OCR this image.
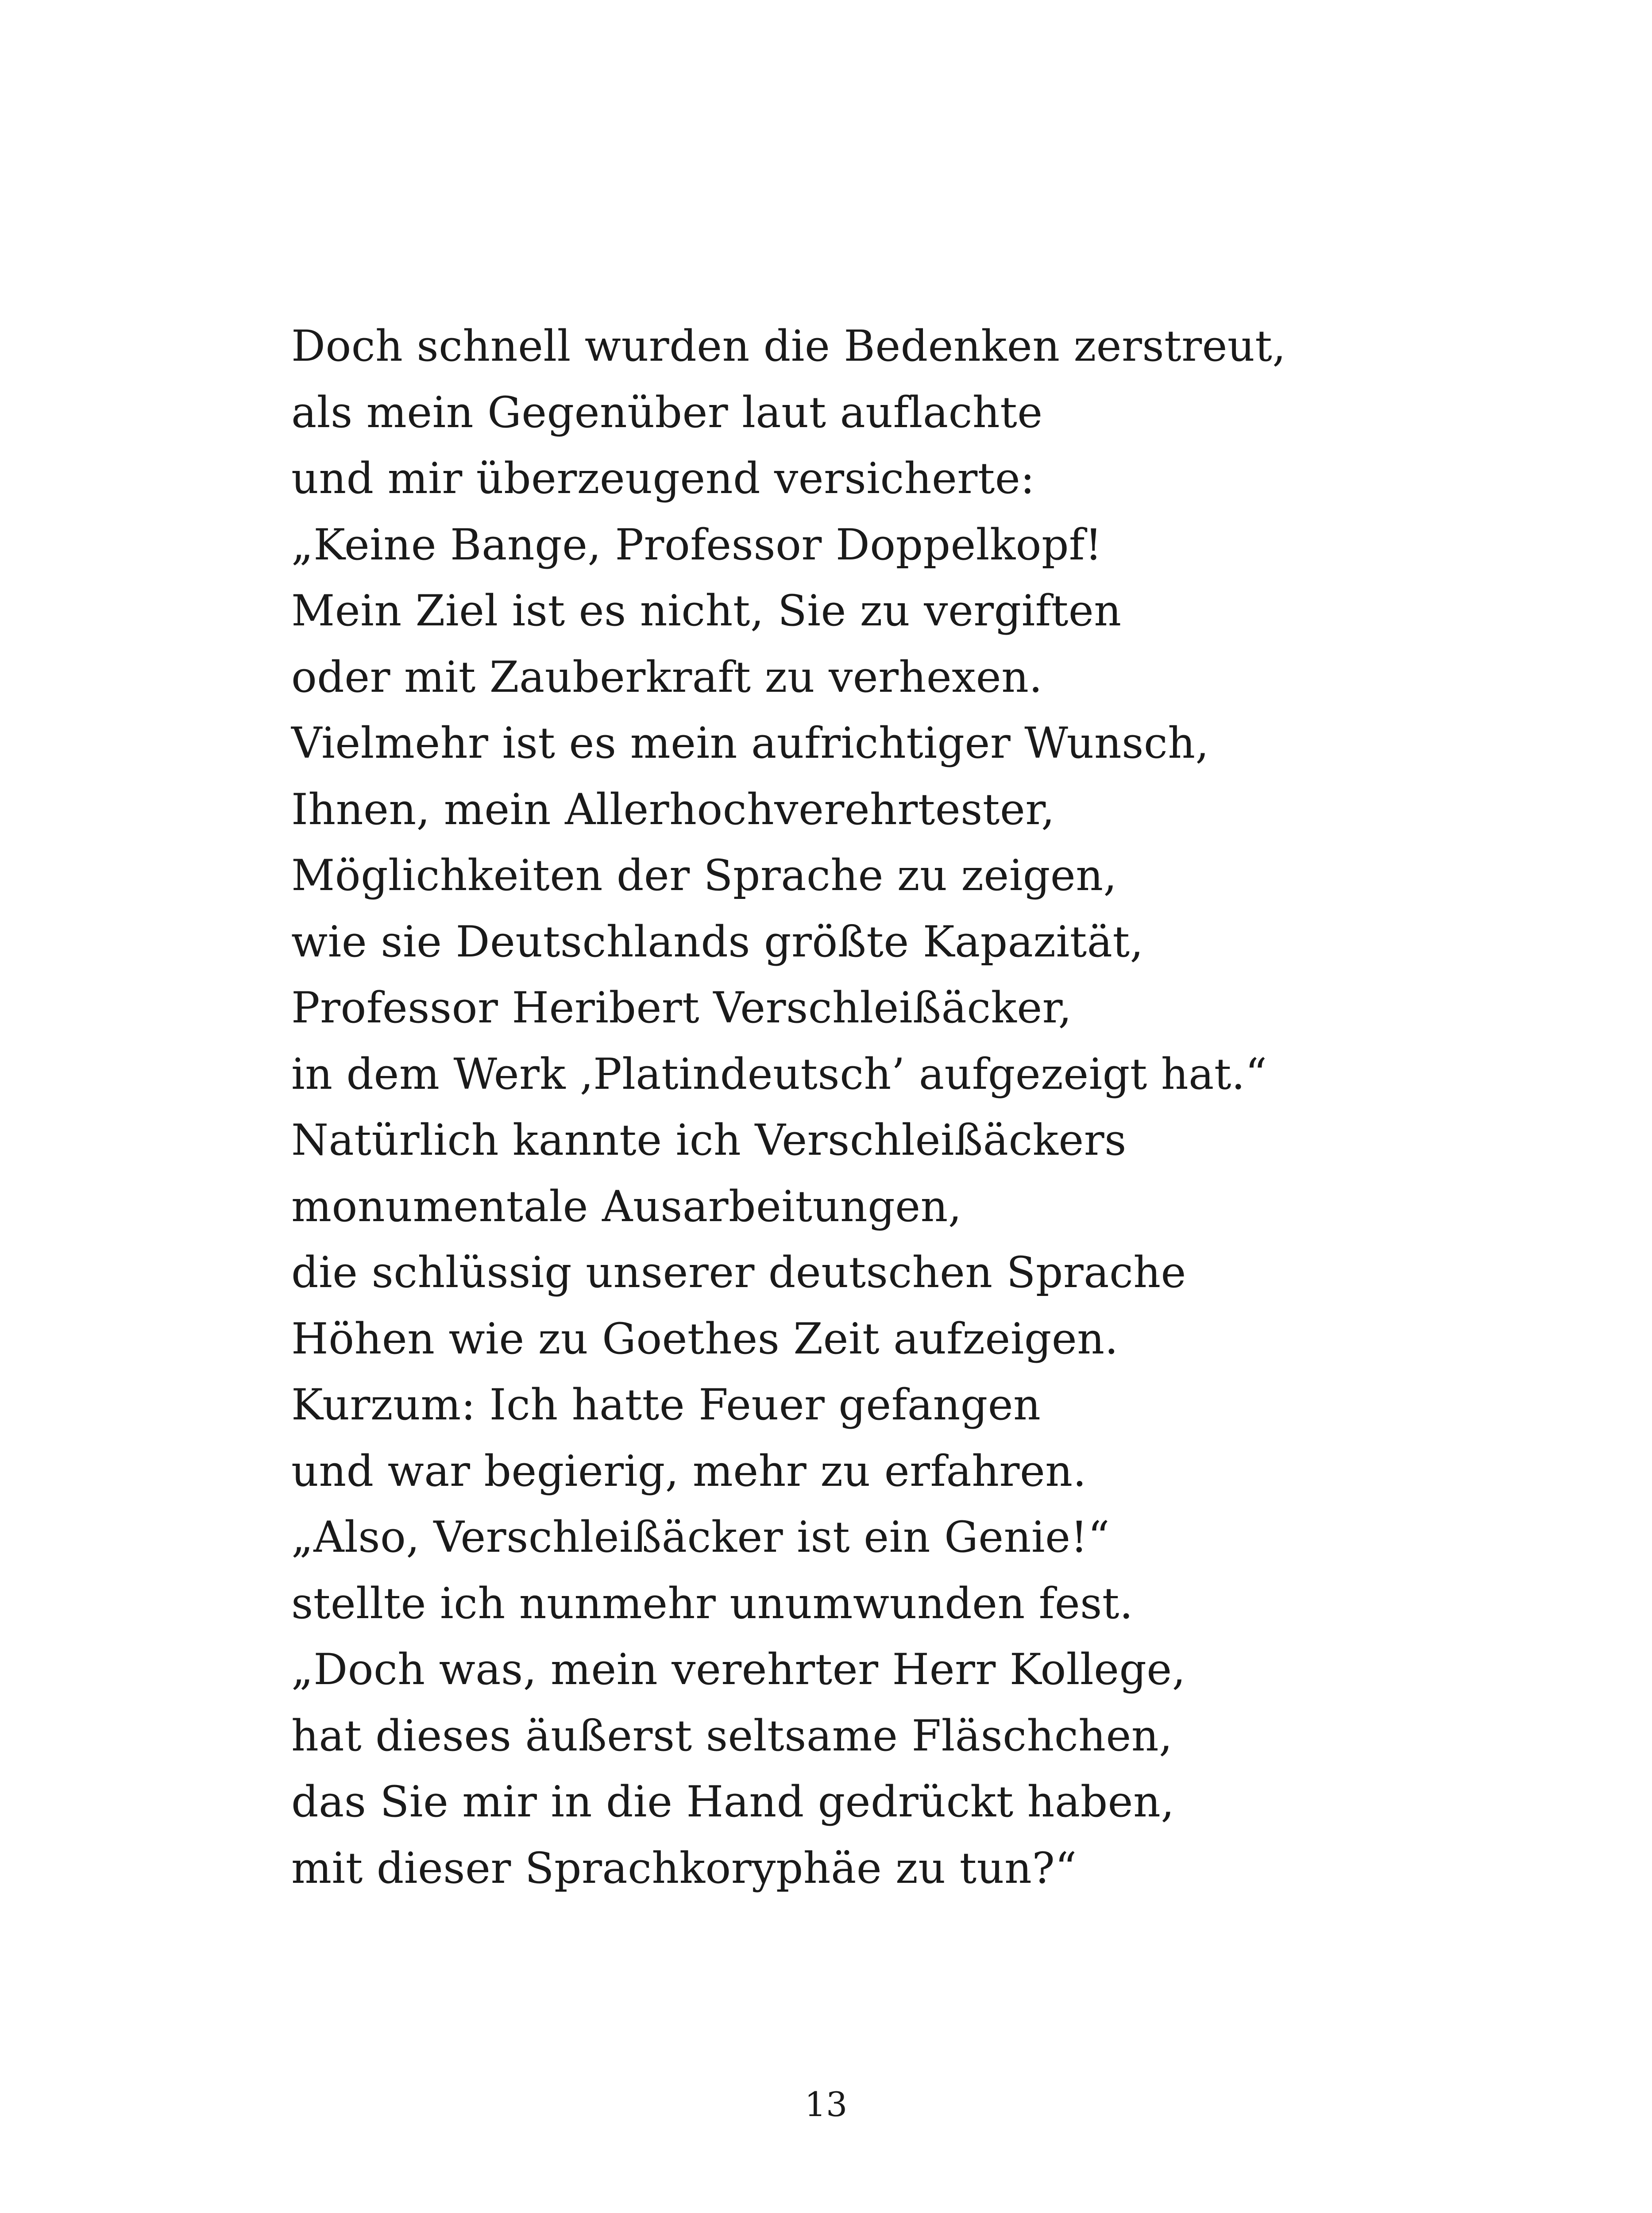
Doch schnell wurden die Bedenken zerstreut,
als mein Gegenüber laut auflachte
und mir überzeugend versicherte:
„Keine Bange, Professor Doppelkopf!
Mein Ziel ist es nicht, Sie zu vergiften
oder mit Zauberkraft zu verhexen.
Vielmehr ist es mein aufrichtiger Wunsch,
Ihnen, mein Allerhochverehrtester,
Möglichkeiten der Sprache zu zeigen,
wie sie Deutschlands größte Kapazität,
Professor Heribert Verschleißäcker,
in dem Werk ‚Platindeutsch’ aufgezeigt hat.“
Natürlich kannte ich Verschleißäckers
monumentale Ausarbeitungen,
die schlüssig unserer deutschen Sprache
Höhen wie zu Goethes Zeit aufzeigen.
Kurzum: Ich hatte Feuer gefangen
und war begierig, mehr zu erfahren.
„Also, Verschleißäcker ist ein Genie!“
stellte ich nunmehr unumwunden fest.
„Doch was, mein verehrter Herr Kollege,
hat dieses äußerst seltsame Fläschchen,
das Sie mir in die Hand gedrückt haben,
mit dieser Sprachkoryphäe zu tun?“
13
